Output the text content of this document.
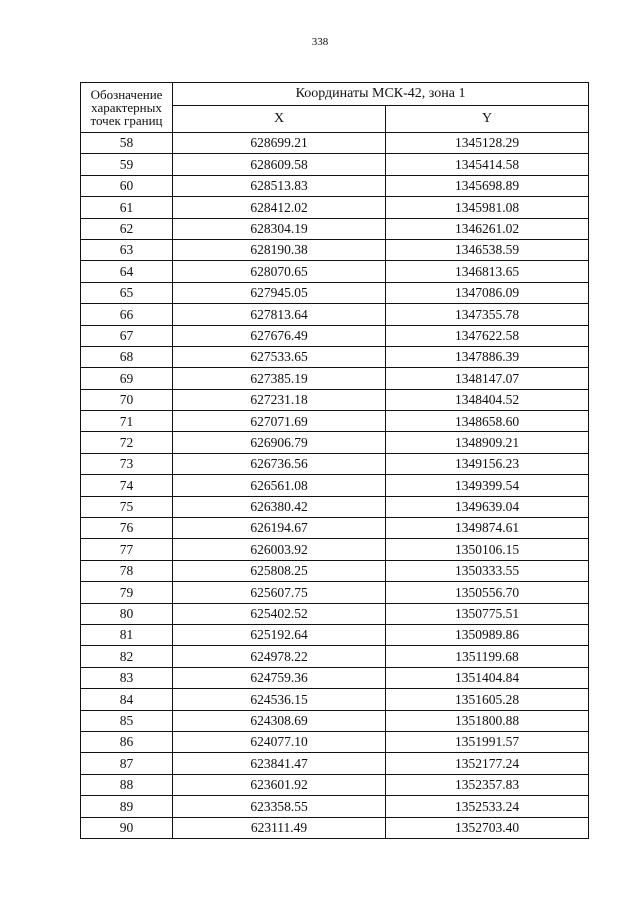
338
Обозначение характерных точек границ	Координаты МСК-42, зона 1	
	X	Y
58	628699.21	1345128.29
59	628609.58	1345414.58
60	628513.83	1345698.89
61	628412.02	1345981.08
62	628304.19	1346261.02
63	628190.38	1346538.59
64	628070.65	1346813.65
65	627945.05	1347086.09
66	627813.64	1347355.78
67	627676.49	1347622.58
68	627533.65	1347886.39
69	627385.19	1348147.07
70	627231.18	1348404.52
71	627071.69	1348658.60
72	626906.79	1348909.21
73	626736.56	1349156.23
74	626561.08	1349399.54
75	626380.42	1349639.04
76	626194.67	1349874.61
77	626003.92	1350106.15
78	625808.25	1350333.55
79	625607.75	1350556.70
80	625402.52	1350775.51
81	625192.64	1350989.86
82	624978.22	1351199.68
83	624759.36	1351404.84
84	624536.15	1351605.28
85	624308.69	1351800.88
86	624077.10	1351991.57
87	623841.47	1352177.24
88	623601.92	1352357.83
89	623358.55	1352533.24
90	623111.49	1352703.40
